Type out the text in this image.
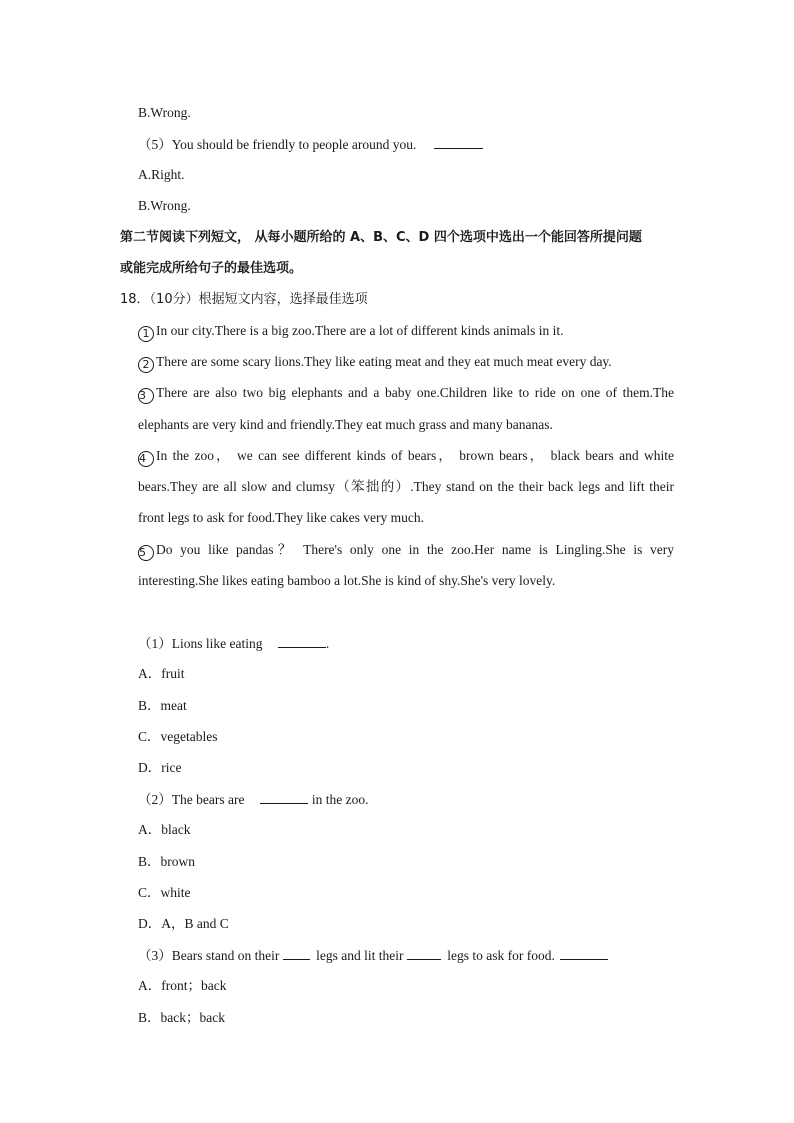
B.Wrong.
（5）You should be friendly to people around you.
A.Right.
B.Wrong.
第二节阅读下列短文， 从每小题所给的 A、B、C、D 四个选项中选出一个能回答所提问题
或能完成所给句子的最佳选项。
18．（10分）根据短文内容，选择最佳选项
1 In our city.There is a big zoo.There are a lot of different kinds animals in it.
2 There are some scary lions.They like eating meat and they eat much meat every day.
3 There are also two big elephants and a baby one.Children like to ride on one of them.The
elephants are very kind and friendly.They eat much grass and many bananas.
4 In the zoo， we can see different kinds of bears， brown bears， black bears and white
bears.They are all slow and clumsy（笨拙的）.They stand on the their back legs and lift their
front legs to ask for food.They like cakes very much.
5 Do you like pandas？ There's only one in the zoo.Her name is Lingling.She is very
interesting.She likes eating bamboo a lot.She is kind of shy.She's very lovely.
（1）Lions like eating	.
A．fruit
B．meat
C．vegetables
D．rice
（2）The bears are	in the zoo.
A．black
B．brown
C．white
D．A，B and C
（3）Bears stand on their	legs and lit their	legs to ask for food.
A．front；back
B．back；back
